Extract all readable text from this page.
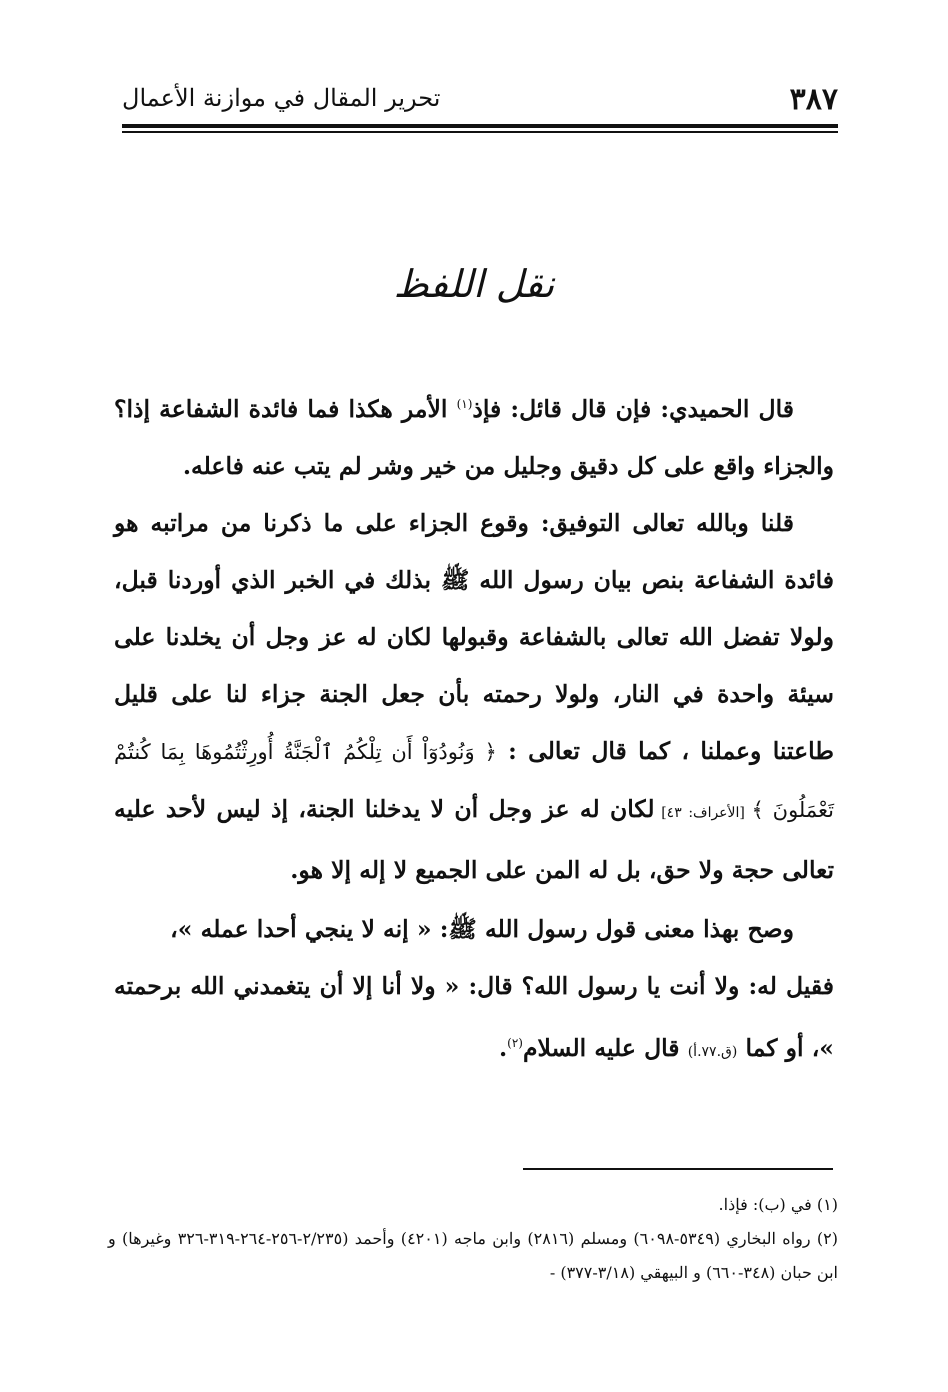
٣٨٧
تحرير المقال في موازنة الأعمال
نقل اللفظ

قال الحميدي: فإن قال قائل: فإذ$^{(١)}$ الأمر هكذا فما فائدة الشفاعة إذا؟ والجزاء واقع على كل دقيق وجليل من خير وشر لم يتب عنه فاعله.

قلنا وبالله تعالى التوفيق: وقوع الجزاء على ما ذكرنا من مراتبه هو فائدة الشفاعة بنص بيان رسول الله ﷺ بذلك في الخبر الذي أوردنا قبل، ولولا تفضل الله تعالى بالشفاعة وقبولها لكان له عز وجل أن يخلدنا على سيئة واحدة في النار، ولولا رحمته بأن جعل الجنة جزاء لنا على قليل طاعتنا وعملنا ، كما قال تعالى : ﴿ وَنُودُوٓاْ أَن تِلْكُمُ ٱلْجَنَّةُ أُورِثْتُمُوهَا بِمَا كُنتُمْ تَعْمَلُونَ ﴾ [الأعراف: ٤٣] لكان له عز وجل أن لا يدخلنا الجنة، إذ ليس لأحد عليه تعالى حجة ولا حق، بل له المن على الجميع لا إله إلا هو.

وصح بهذا معنى قول رسول الله ﷺ: « إنه لا ينجي أحدا عمله »،

فقيل له: ولا أنت يا رسول الله؟ قال: « ولا أنا إلا أن يتغمدني الله برحمته »، أو كما (ق.٧٧.أ) قال عليه السلام$^{(٢)}$.

(١) في (ب): فإذا.

(٢) رواه البخاري (٥٣٤٩-٦٠٩٨) ومسلم (٢٨١٦) وابن ماجه (٤٢٠١) وأحمد (٢/٢٣٥-٢٥٦-٢٦٤-٣١٩-٣٢٦ وغيرها) و ابن حبان (٣٤٨-٦٦٠) و البيهقي (٣/١٨-٣٧٧) -
